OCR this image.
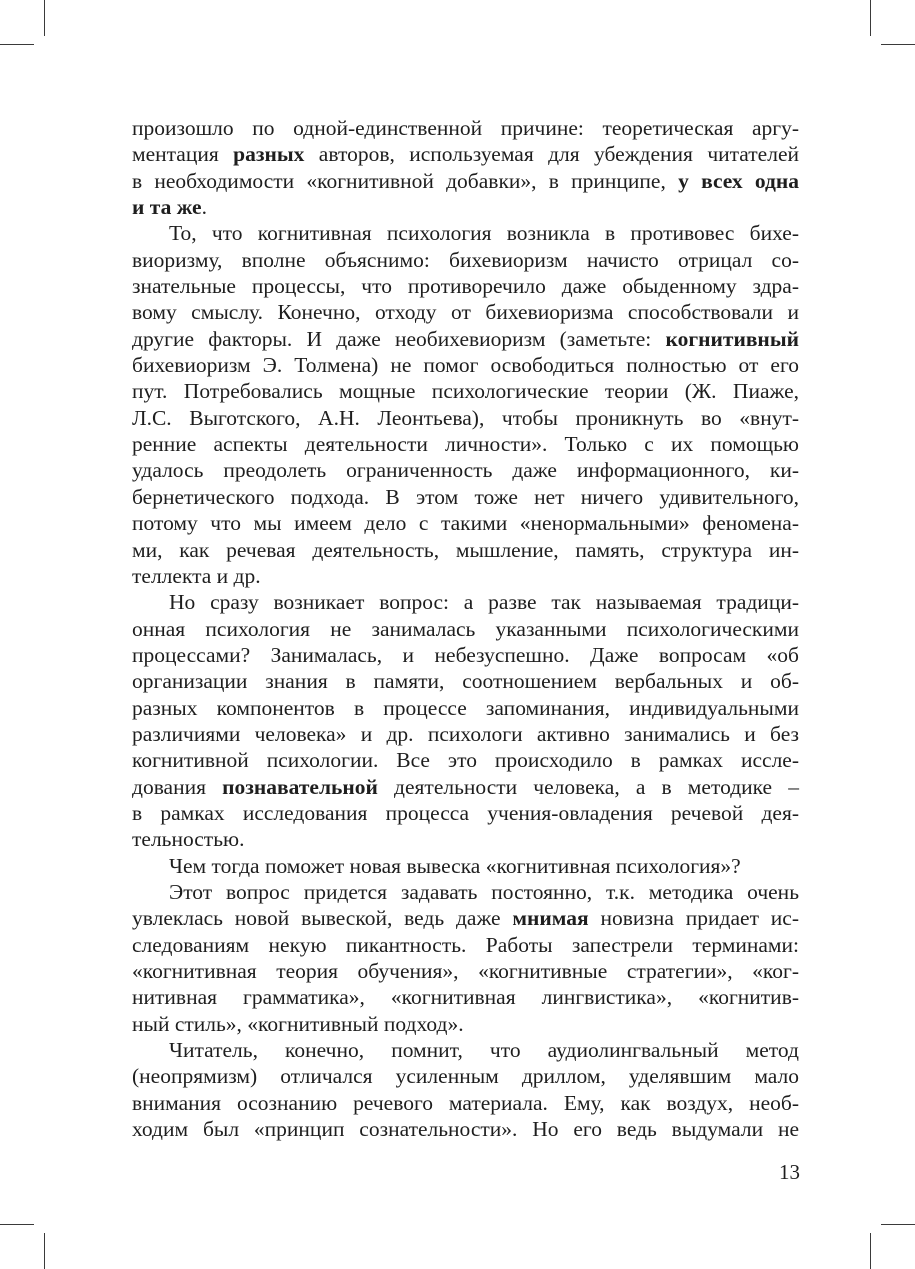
произошло по одной-единственной причине: теоретическая аргу-
ментация разных авторов, используемая для убеждения читателей
в необходимости «когнитивной добавки», в принципе, у всех одна
и та же.
То, что когнитивная психология возникла в противовес бихе-
виоризму, вполне объяснимо: бихевиоризм начисто отрицал со-
знательные процессы, что противоречило даже обыденному здра-
вому смыслу. Конечно, отходу от бихевиоризма способствовали и
другие факторы. И даже необихевиоризм (заметьте: когнитивный
бихевиоризм Э. Толмена) не помог освободиться полностью от его
пут. Потребовались мощные психологические теории (Ж. Пиаже,
Л.С. Выготского, А.Н. Леонтьева), чтобы проникнуть во «внут-
ренние аспекты деятельности личности». Только с их помощью
удалось преодолеть ограниченность даже информационного, ки-
бернетического подхода. В этом тоже нет ничего удивительного,
потому что мы имеем дело с такими «ненормальными» феномена-
ми, как речевая деятельность, мышление, память, структура ин-
теллекта и др.
Но сразу возникает вопрос: а разве так называемая традици-
онная психология не занималась указанными психологическими
процессами? Занималась, и небезуспешно. Даже вопросам «об
организации знания в памяти, соотношением вербальных и об-
разных компонентов в процессе запоминания, индивидуальными
различиями человека» и др. психологи активно занимались и без
когнитивной психологии. Все это происходило в рамках иссле-
дования познавательной деятельности человека, а в методике –
в рамках исследования процесса учения-овладения речевой дея-
тельностью.
Чем тогда поможет новая вывеска «когнитивная психология»?
Этот вопрос придется задавать постоянно, т.к. методика очень
увлеклась новой вывеской, ведь даже мнимая новизна придает ис-
следованиям некую пикантность. Работы запестрели терминами:
«когнитивная теория обучения», «когнитивные стратегии», «ког-
нитивная грамматика», «когнитивная лингвистика», «когнитив-
ный стиль», «когнитивный подход».
Читатель, конечно, помнит, что аудиолингвальный метод
(неопрямизм) отличался усиленным дриллом, уделявшим мало
внимания осознанию речевого материала. Ему, как воздух, необ-
ходим был «принцип сознательности». Но его ведь выдумали не
13
